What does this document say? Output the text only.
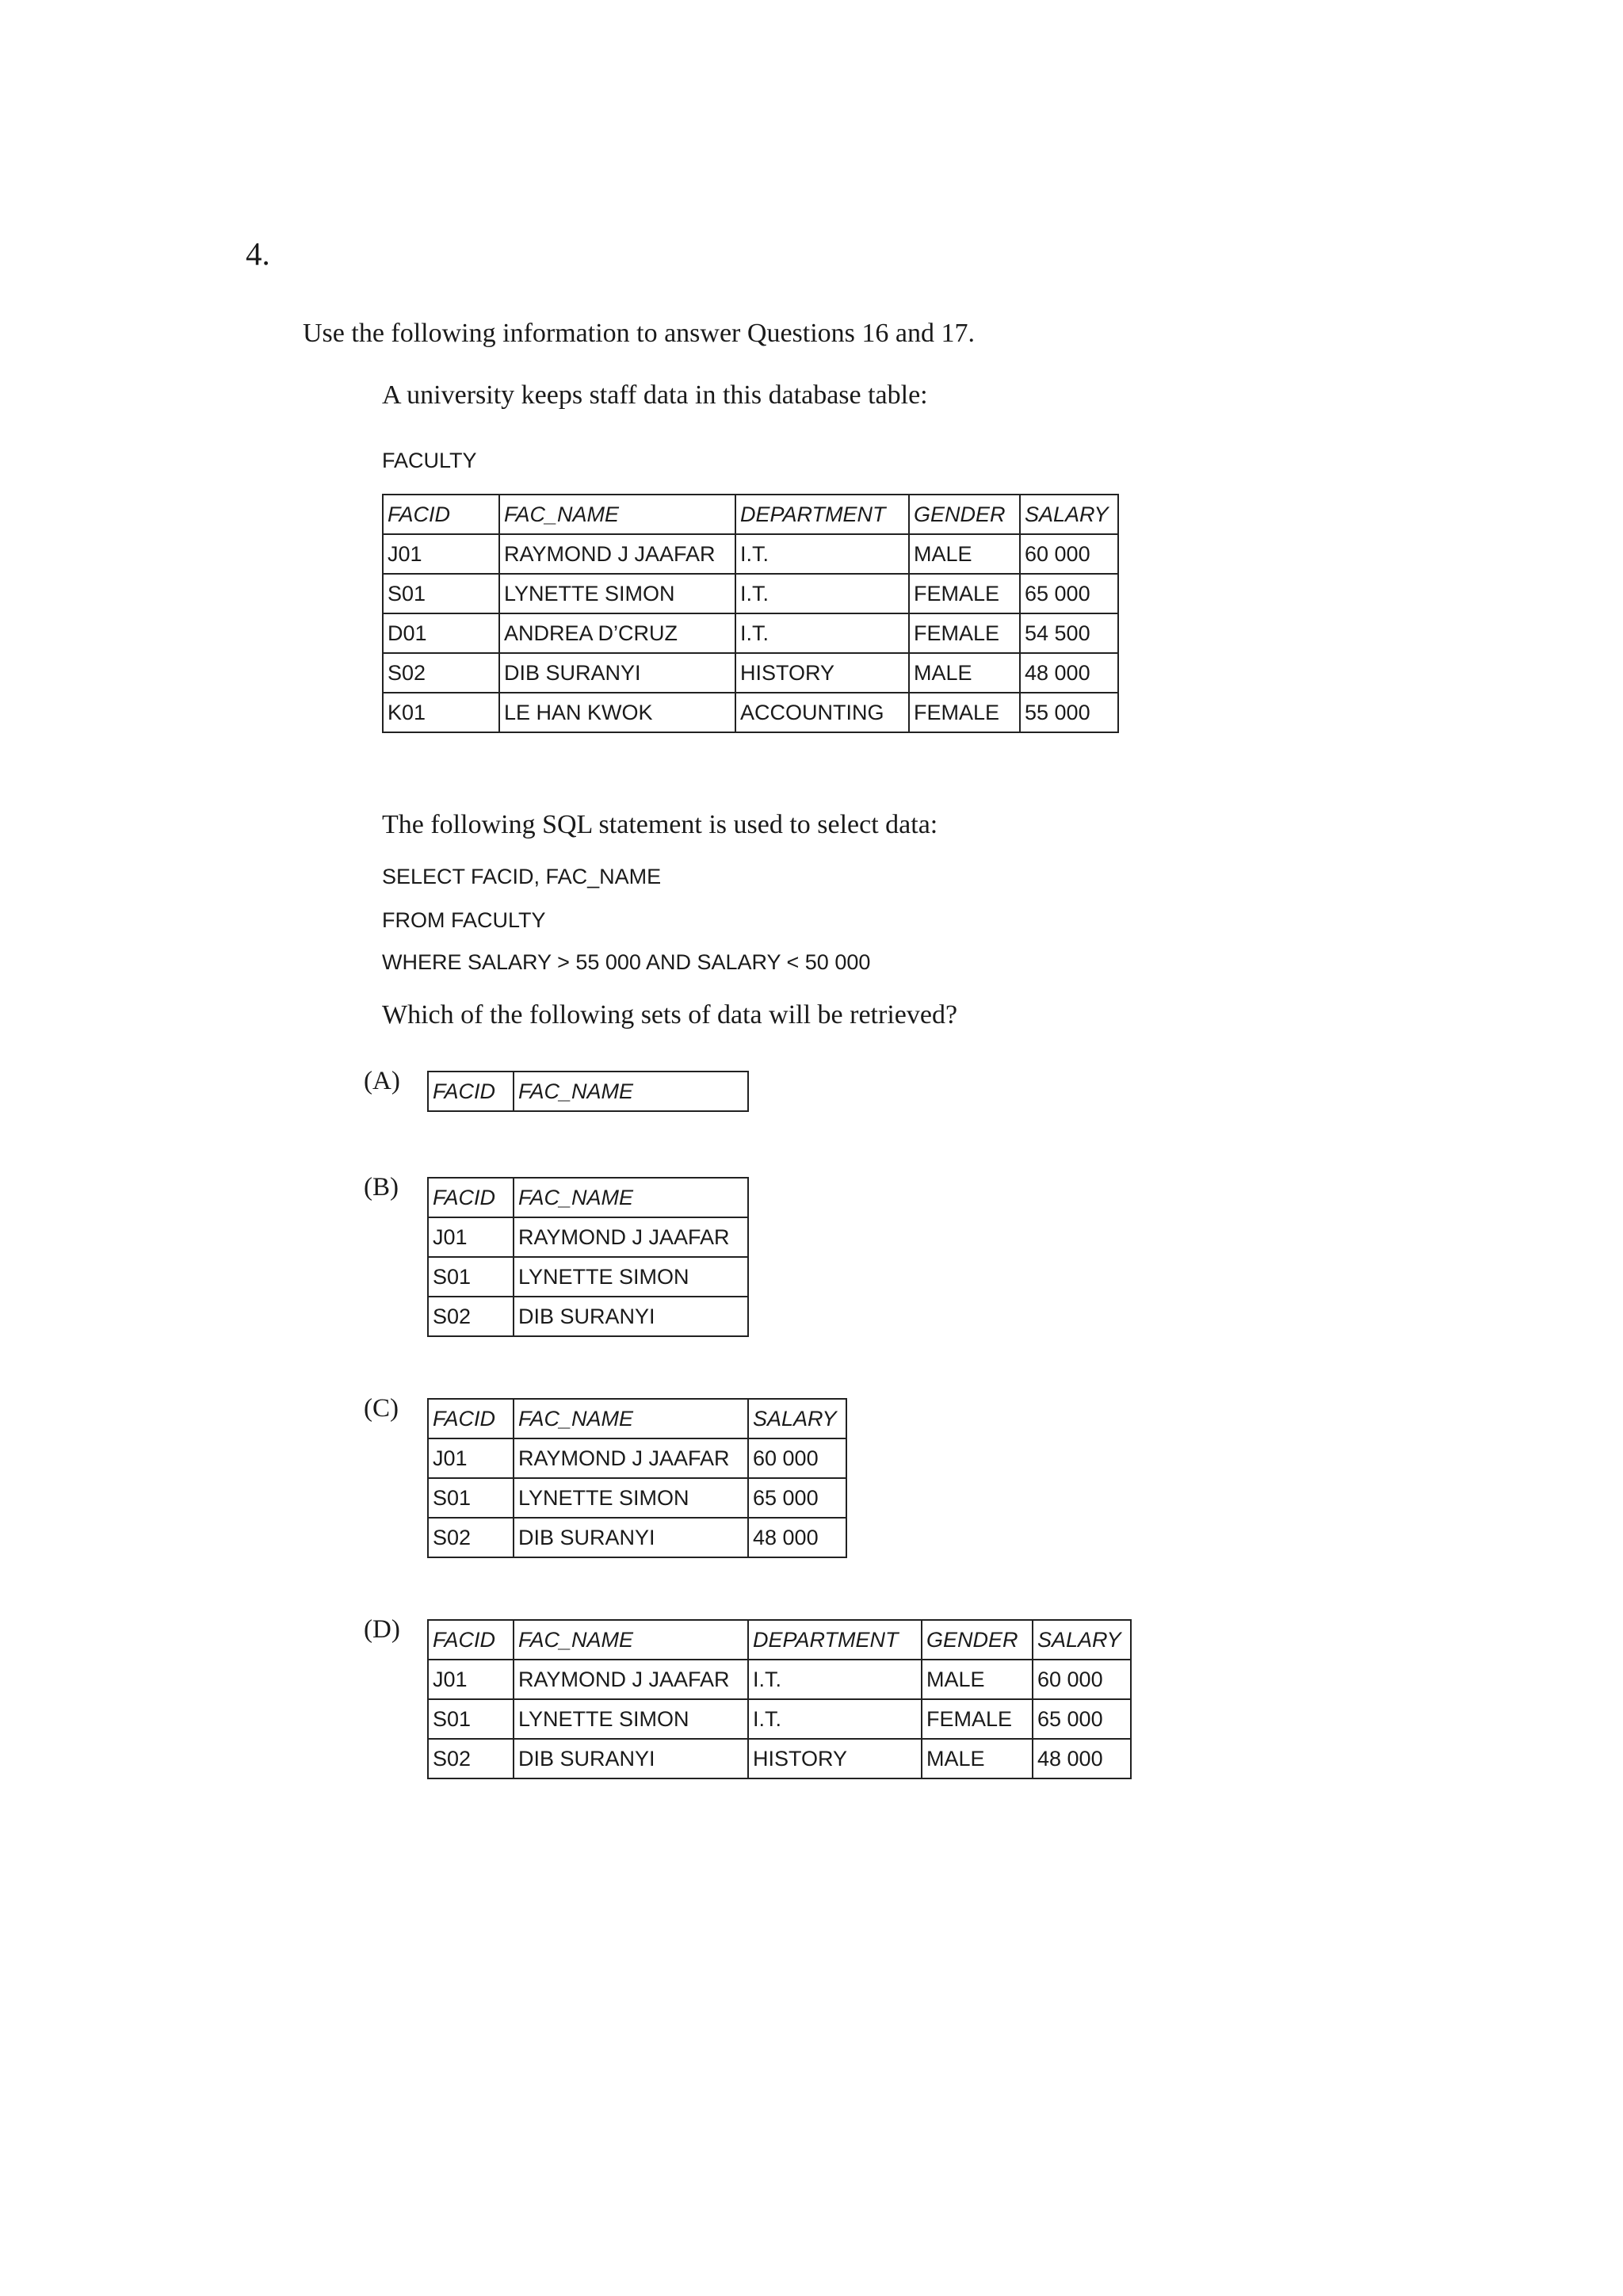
4.
Use the following information to answer Questions 16 and 17.
A university keeps staff data in this database table:
FACULTY
FACID	FAC_NAME	DEPARTMENT	GENDER	SALARY
J01	RAYMOND J JAAFAR	I.T.	MALE	60 000
S01	LYNETTE SIMON	I.T.	FEMALE	65 000
D01	ANDREA D’CRUZ	I.T.	FEMALE	54 500
S02	DIB SURANYI	HISTORY	MALE	48 000
K01	LE HAN KWOK	ACCOUNTING	FEMALE	55 000
The following SQL statement is used to select data:
SELECT FACID, FAC_NAME
FROM FACULTY
WHERE SALARY > 55 000 AND SALARY < 50 000
Which of the following sets of data will be retrieved?
(A) FACID	FAC_NAME
(B) FACID	FAC_NAME
J01	RAYMOND J JAAFAR
S01	LYNETTE SIMON
S02	DIB SURANYI
(C) FACID	FAC_NAME	SALARY
J01	RAYMOND J JAAFAR	60 000
S01	LYNETTE SIMON	65 000
S02	DIB SURANYI	48 000
(D) FACID	FAC_NAME	DEPARTMENT	GENDER	SALARY
J01	RAYMOND J JAAFAR	I.T.	MALE	60 000
S01	LYNETTE SIMON	I.T.	FEMALE	65 000
S02	DIB SURANYI	HISTORY	MALE	48 000
